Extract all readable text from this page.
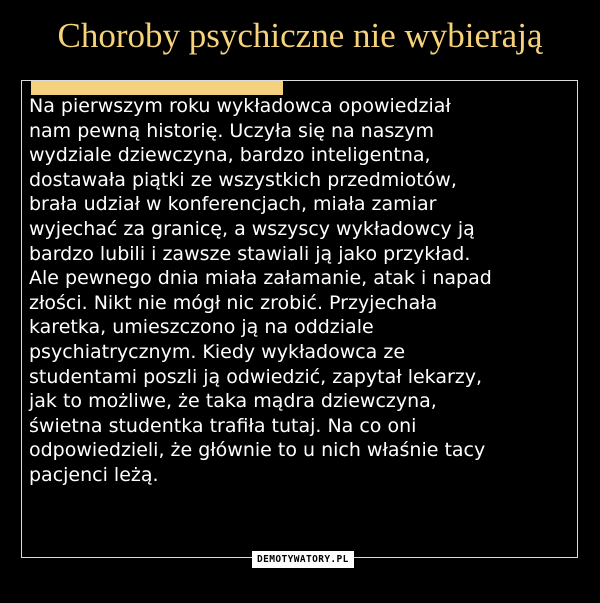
Choroby psychiczne nie wybierają
Na pierwszym roku wykładowca opowiedział
nam pewną historię. Uczyła się na naszym
wydziale dziewczyna, bardzo inteligentna,
dostawała piątki ze wszystkich przedmiotów,
brała udział w konferencjach, miała zamiar
wyjechać za granicę, a wszyscy wykładowcy ją
bardzo lubili i zawsze stawiali ją jako przykład.
Ale pewnego dnia miała załamanie, atak i napad
złości. Nikt nie mógł nic zrobić. Przyjechała
karetka, umieszczono ją na oddziale
psychiatrycznym. Kiedy wykładowca ze
studentami poszli ją odwiedzić, zapytał lekarzy,
jak to możliwe, że taka mądra dziewczyna,
świetna studentka trafiła tutaj. Na co oni
odpowiedzieli, że głównie to u nich właśnie tacy
pacjenci leżą.
DEMOTYWATORY.PL
